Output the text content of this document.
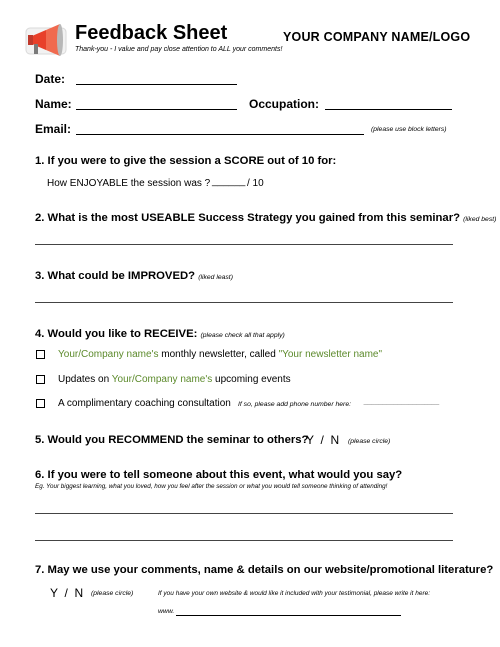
Feedback Sheet	YOUR COMPANY NAME/LOGO
Thank-you - I value and pay close attention to ALL your comments!
Date:
Name:	Occupation:
Email:	(please use block letters)
1. If you were to give the session a SCORE out of 10 for:
How ENJOYABLE the session was ? ______ / 10
2. What is the most USEABLE Success Strategy you gained from this seminar? (liked best)
3. What could be IMPROVED? (liked least)
4. Would you like to RECEIVE: (please check all that apply)
Your/Company name's monthly newsletter, called "Your newsletter name"
Updates on Your/Company name's upcoming events
A complimentary coaching consultation If so, please add phone number here: ____________________
5. Would you RECOMMEND the seminar to others?
Y  /  N (please circle)
6. If you were to tell someone about this event, what would you say?
Eg. Your biggest learning, what you loved, how you feel after the session or what you would tell someone thinking of attending!
7. May we use your comments, name & details on our website/promotional literature?
Y  /  N (please circle)	If you have your own website & would like it included with your testimonial, please write it here:
www.
